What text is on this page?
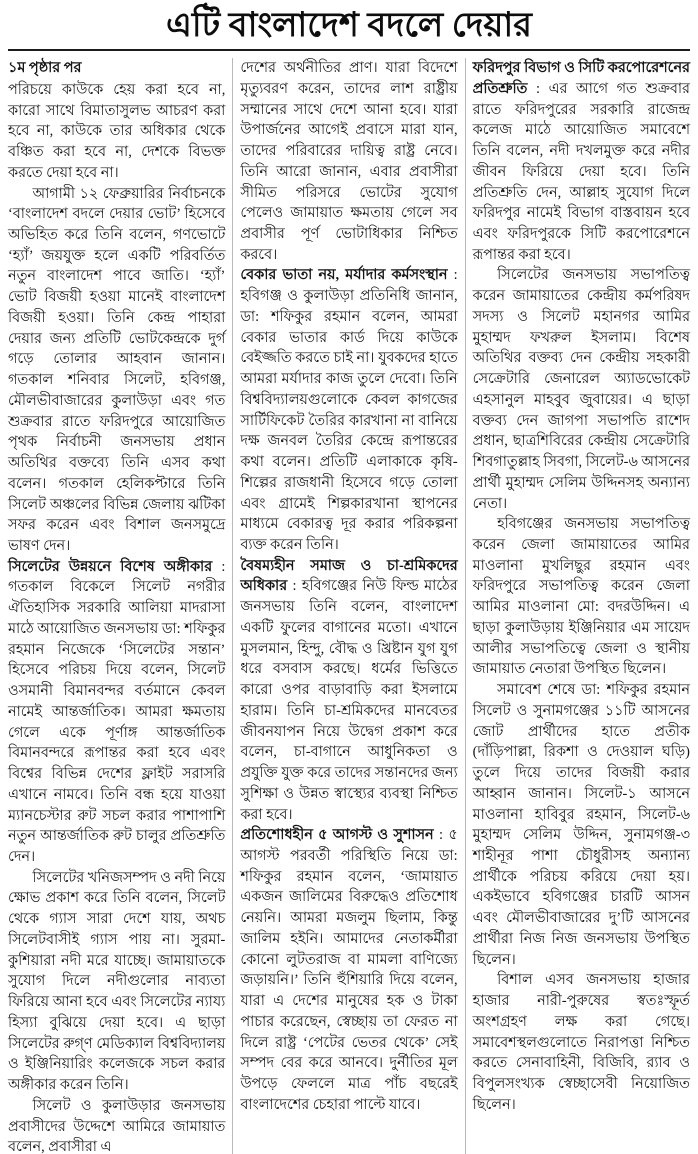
এটি বাংলাদেশ বদলে দেয়ার

১ম পৃষ্ঠার পর

পরিচয়ে কাউকে হেয় করা হবে না, কারো সাথে বিমাতাসুলভ আচরণ করা হবে না, কাউকে তার অধিকার থেকে বঞ্চিত করা হবে না, দেশকে বিভক্ত করতে দেয়া হবে না।

আগামী ১২ ফেব্রুয়ারির নির্বাচনকে ‘বাংলাদেশ বদলে দেয়ার ভোট’ হিসেবে অভিহিত করে তিনি বলেন, গণভোটে ‘হ্যাঁ’ জয়যুক্ত হলে একটি পরিবর্তিত নতুন বাংলাদেশ পাবে জাতি। ‘হ্যাঁ’ ভোট বিজয়ী হওয়া মানেই বাংলাদেশ বিজয়ী হওয়া। তিনি কেন্দ্র পাহারা দেয়ার জন্য প্রতিটি ভোটকেন্দ্রকে দুর্গ গড়ে তোলার আহবান জানান। গতকাল শনিবার সিলেট, হবিগঞ্জ, মৌলভীবাজারের কুলাউড়া এবং গত শুক্রবার রাতে ফরিদপুরে আয়োজিত পৃথক নির্বাচনী জনসভায় প্রধান অতিথির বক্তব্যে তিনি এসব কথা বলেন। গতকাল হেলিকপ্টারে তিনি সিলেট অঞ্চলের বিভিন্ন জেলায় ঝটিকা সফর করেন এবং বিশাল জনসমুদ্রে ভাষণ দেন।

সিলেটের উন্নয়নে বিশেষ অঙ্গীকার : গতকাল বিকেলে সিলেট নগরীর ঐতিহাসিক সরকারি আলিয়া মাদরাসা মাঠে আয়োজিত জনসভায় ডা: শফিকুর রহমান নিজেকে ‘সিলেটের সন্তান’ হিসেবে পরিচয় দিয়ে বলেন, সিলেট ওসমানী বিমানবন্দর বর্তমানে কেবল নামেই আন্তর্জাতিক। আমরা ক্ষমতায় গেলে একে পূর্ণাঙ্গ আন্তর্জাতিক বিমানবন্দরে রূপান্তর করা হবে এবং বিশ্বের বিভিন্ন দেশের ফ্লাইট সরাসরি এখানে নামবে। তিনি বন্ধ হয়ে যাওয়া ম্যানচেস্টার রুট সচল করার পাশাপাশি নতুন আন্তর্জাতিক রুট চালুর প্রতিশ্রুতি দেন।

সিলেটের খনিজসম্পদ ও নদী নিয়ে ক্ষোভ প্রকাশ করে তিনি বলেন, সিলেট থেকে গ্যাস সারা দেশে যায়, অথচ সিলেটবাসীই গ্যাস পায় না। সুরমা-কুশিয়ারা নদী মরে যাচ্ছে। জামায়াতকে সুযোগ দিলে নদীগুলোর নাব্যতা ফিরিয়ে আনা হবে এবং সিলেটের ন্যায্য হিস্যা বুঝিয়ে দেয়া হবে। এ ছাড়া সিলেটের রুগ্ণ মেডিক্যাল বিশ্ববিদ্যালয় ও ইঞ্জিনিয়ারিং কলেজকে সচল করার অঙ্গীকার করেন তিনি।

সিলেট ও কুলাউড়ার জনসভায় প্রবাসীদের উদ্দেশে আমিরে জামায়াত বলেন, প্রবাসীরা এ

দেশের অর্থনীতির প্রাণ। যারা বিদেশে মৃত্যুবরণ করেন, তাদের লাশ রাষ্ট্রীয় সম্মানের সাথে দেশে আনা হবে। যারা উপার্জনের আগেই প্রবাসে মারা যান, তাদের পরিবারের দায়িত্ব রাষ্ট্র নেবে। তিনি আরো জানান, এবার প্রবাসীরা সীমিত পরিসরে ভোটের সুযোগ পেলেও জামায়াত ক্ষমতায় গেলে সব প্রবাসীর পূর্ণ ভোটাধিকার নিশ্চিত করবে।

বেকার ভাতা নয়, মর্যাদার কর্মসংস্থান : হবিগঞ্জ ও কুলাউড়া প্রতিনিধি জানান, ডা: শফিকুর রহমান বলেন, আমরা বেকার ভাতার কার্ড দিয়ে কাউকে বেইজ্জতি করতে চাই না। যুবকদের হাতে আমরা মর্যাদার কাজ তুলে দেবো। তিনি বিশ্ববিদ্যালয়গুলোকে কেবল কাগজের সার্টিফিকেট তৈরির কারখানা না বানিয়ে দক্ষ জনবল তৈরির কেন্দ্রে রূপান্তরের কথা বলেন। প্রতিটি এলাকাকে কৃষি-শিল্পের রাজধানী হিসেবে গড়ে তোলা এবং গ্রামেই শিল্পকারখানা স্থাপনের মাধ্যমে বেকারত্ব দূর করার পরিকল্পনা ব্যক্ত করেন তিনি।

বৈষম্যহীন সমাজ ও চা-শ্রমিকদের অধিকার : হবিগঞ্জের নিউ ফিল্ড মাঠের জনসভায় তিনি বলেন, বাংলাদেশ একটি ফুলের বাগানের মতো। এখানে মুসলমান, হিন্দু, বৌদ্ধ ও খ্রিষ্টান যুগ যুগ ধরে বসবাস করছে। ধর্মের ভিত্তিতে কারো ওপর বাড়াবাড়ি করা ইসলামে হারাম। তিনি চা-শ্রমিকদের মানবেতর জীবনযাপন নিয়ে উদ্বেগ প্রকাশ করে বলেন, চা-বাগানে আধুনিকতা ও প্রযুক্তি যুক্ত করে তাদের সন্তানদের জন্য সুশিক্ষা ও উন্নত স্বাস্থ্যের ব্যবস্থা নিশ্চিত করা হবে।

প্রতিশোধহীন ৫ আগস্ট ও সুশাসন : ৫ আগস্ট পরবর্তী পরিস্থিতি নিয়ে ডা: শফিকুর রহমান বলেন, ‘জামায়াত একজন জালিমের বিরুদ্ধেও প্রতিশোধ নেয়নি। আমরা মজলুম ছিলাম, কিন্তু জালিম হইনি। আমাদের নেতাকর্মীরা কোনো লুটতরাজ বা মামলা বাণিজ্যে জড়ায়নি।’ তিনি হুঁশিয়ারি দিয়ে বলেন, যারা এ দেশের মানুষের হক ও টাকা পাচার করেছেন, স্বেচ্ছায় তা ফেরত না দিলে রাষ্ট্র ‘পেটের ভেতর থেকে’ সেই সম্পদ বের করে আনবে। দুর্নীতির মূল উপড়ে ফেললে মাত্র পাঁচ বছরেই বাংলাদেশের চেহারা পাল্টে যাবে।

ফরিদপুর বিভাগ ও সিটি করপোরেশনের প্রতিশ্রুতি : এর আগে গত শুক্রবার রাতে ফরিদপুরের সরকারি রাজেন্দ্র কলেজ মাঠে আয়োজিত সমাবেশে তিনি বলেন, নদী দখলমুক্ত করে নদীর জীবন ফিরিয়ে দেয়া হবে। তিনি প্রতিশ্রুতি দেন, আল্লাহ সুযোগ দিলে ফরিদপুর নামেই বিভাগ বাস্তবায়ন হবে এবং ফরিদপুরকে সিটি করপোরেশনে রূপান্তর করা হবে।

সিলেটের জনসভায় সভাপতিত্ব করেন জামায়াতের কেন্দ্রীয় কর্মপরিষদ সদস্য ও সিলেট মহানগর আমির মুহাম্মদ ফখরুল ইসলাম। বিশেষ অতিথির বক্তব্য দেন কেন্দ্রীয় সহকারী সেক্রেটারি জেনারেল অ্যাডভোকেট এহসানুল মাহবুব জুবায়ের। এ ছাড়া বক্তব্য দেন জাগপা সভাপতি রাশেদ প্রধান, ছাত্রশিবিরের কেন্দ্রীয় সেক্রেটারি শিবগাতুল্লাহ সিবগা, সিলেট-৬ আসনের প্রার্থী মুহাম্মদ সেলিম উদ্দিনসহ অন্যান্য নেতা।

হবিগঞ্জের জনসভায় সভাপতিত্ব করেন জেলা জামায়াতের আমির মাওলানা মুখলিছুর রহমান এবং ফরিদপুরে সভাপতিত্ব করেন জেলা আমির মাওলানা মো: বদরউদ্দিন। এ ছাড়া কুলাউড়ায় ইঞ্জিনিয়ার এম সায়েদ আলীর সভাপতিত্বে জেলা ও স্থানীয় জামায়াত নেতারা উপস্থিত ছিলেন।

সমাবেশ শেষে ডা: শফিকুর রহমান সিলেট ও সুনামগঞ্জের ১১টি আসনের জোট প্রার্থীদের হাতে প্রতীক (দাঁড়িপাল্লা, রিকশা ও দেওয়াল ঘড়ি) তুলে দিয়ে তাদের বিজয়ী করার আহ্বান জানান। সিলেট-১ আসনে মাওলানা হাবিবুর রহমান, সিলেট-৬ মুহাম্মদ সেলিম উদ্দিন, সুনামগঞ্জ-৩ শাহীনূর পাশা চৌধুরীসহ অন্যান্য প্রার্থীকে পরিচয় করিয়ে দেয়া হয়। একইভাবে হবিগঞ্জের চারটি আসন এবং মৌলভীবাজারের দু’টি আসনের প্রার্থীরা নিজ নিজ জনসভায় উপস্থিত ছিলেন।

বিশাল এসব জনসভায় হাজার হাজার নারী-পুরুষের স্বতঃস্ফূর্ত অংশগ্রহণ লক্ষ করা গেছে। সমাবেশস্থলগুলোতে নিরাপত্তা নিশ্চিত করতে সেনাবাহিনী, বিজিবি, র‍্যাব ও বিপুলসংখ্যক স্বেচ্ছাসেবী নিয়োজিত ছিলেন।
